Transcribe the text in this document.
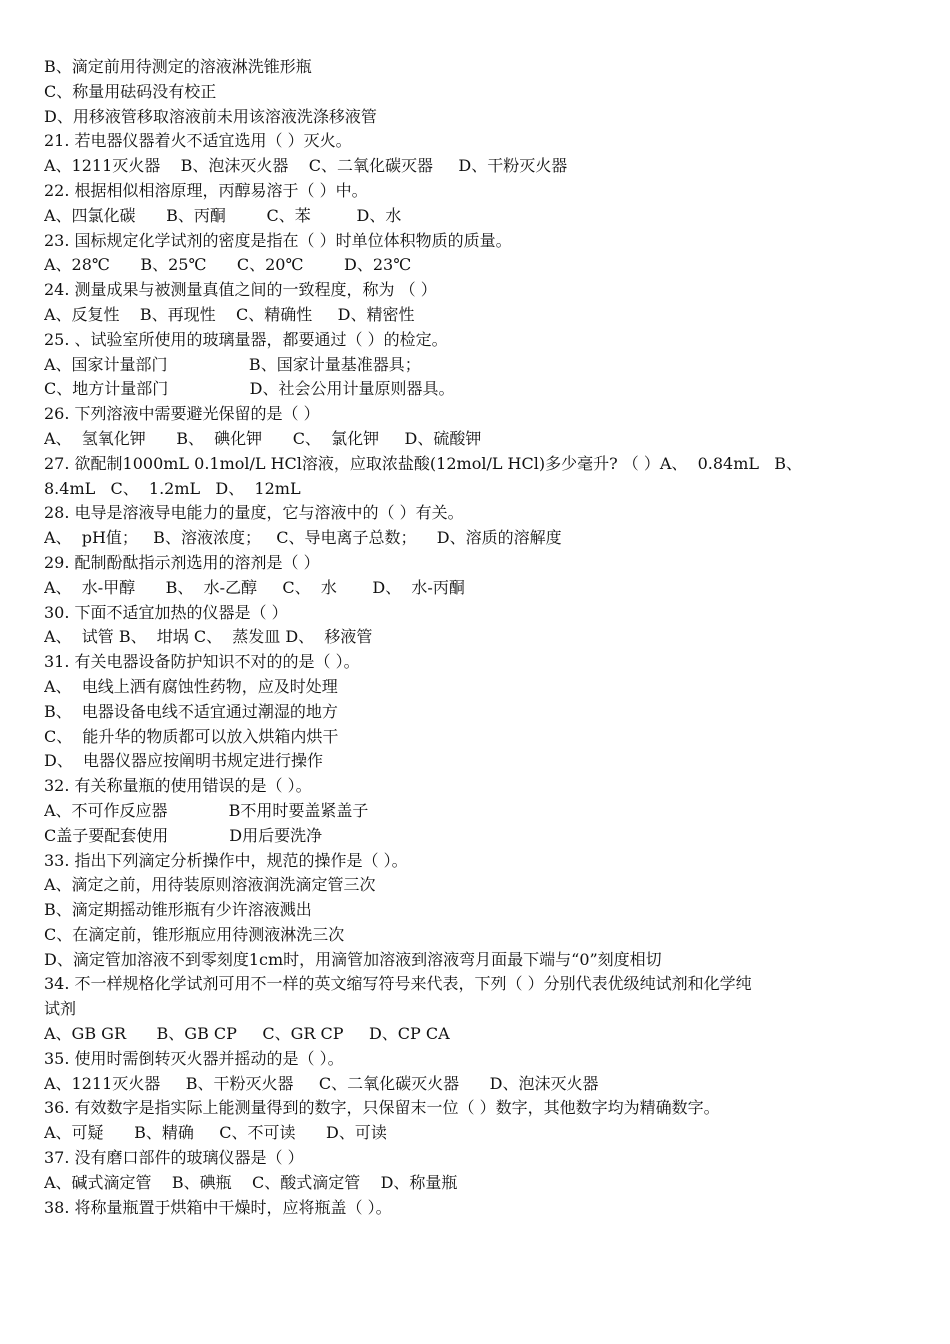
B、滴定前用待测定的溶液淋洗锥形瓶
C、称量用砝码没有校正
D、用移液管移取溶液前未用该溶液洗涤移液管
21. 若电器仪器着火不适宜选用（ ）灭火。
A、1211灭火器    B、泡沫灭火器    C、二氧化碳灭器     D、干粉灭火器
22. 根据相似相溶原理，丙醇易溶于（ ）中。
A、四氯化碳      B、丙酮        C、苯         D、水
23. 国标规定化学试剂的密度是指在（ ）时单位体积物质的质量。
A、28℃      B、25℃      C、20℃        D、23℃
24. 测量成果与被测量真值之间的一致程度，称为 （ ）
A、反复性    B、再现性    C、精确性     D、精密性
25. 、试验室所使用的玻璃量器，都要通过（ ）的检定。
A、国家计量部门                B、国家计量基准器具；
C、地方计量部门                D、社会公用计量原则器具。
26. 下列溶液中需要避光保留的是（ ）
A、  氢氧化钾      B、  碘化钾      C、  氯化钾     D、硫酸钾
27. 欲配制1000mL 0.1mol/L HCl溶液，应取浓盐酸(12mol/L HCl)多少毫升? （ ）A、  0.84mL   B、
8.4mL   C、  1.2mL   D、  12mL
28. 电导是溶液导电能力的量度，它与溶液中的（ ）有关。
A、  pH值；   B、溶液浓度；   C、导电离子总数；    D、溶质的溶解度
29. 配制酚酞指示剂选用的溶剂是（ ）
A、  水-甲醇      B、  水-乙醇     C、  水       D、  水-丙酮
30. 下面不适宜加热的仪器是（ ）
A、  试管 B、  坩埚 C、  蒸发皿 D、  移液管
31. 有关电器设备防护知识不对的的是（ ）。
A、  电线上洒有腐蚀性药物，应及时处理
B、  电器设备电线不适宜通过潮湿的地方
C、  能升华的物质都可以放入烘箱内烘干
D、  电器仪器应按阐明书规定进行操作
32. 有关称量瓶的使用错误的是（ ）。
A、不可作反应器            B不用时要盖紧盖子
C盖子要配套使用            D用后要洗净
33. 指出下列滴定分析操作中，规范的操作是（ ）。
A、滴定之前，用待装原则溶液润洗滴定管三次
B、滴定期摇动锥形瓶有少许溶液溅出
C、在滴定前，锥形瓶应用待测液淋洗三次
D、滴定管加溶液不到零刻度1cm时，用滴管加溶液到溶液弯月面最下端与“0”刻度相切
34. 不一样规格化学试剂可用不一样的英文缩写符号来代表，下列（ ）分别代表优级纯试剂和化学纯
试剂
A、GB GR      B、GB CP     C、GR CP     D、CP CA
35. 使用时需倒转灭火器并摇动的是（ ）。
A、1211灭火器     B、干粉灭火器     C、二氧化碳灭火器      D、泡沫灭火器
36. 有效数字是指实际上能测量得到的数字，只保留末一位（ ）数字，其他数字均为精确数字。
A、可疑      B、精确     C、不可读      D、可读
37. 没有磨口部件的玻璃仪器是（ ）
A、碱式滴定管    B、碘瓶    C、酸式滴定管    D、称量瓶
38. 将称量瓶置于烘箱中干燥时，应将瓶盖（ ）。
